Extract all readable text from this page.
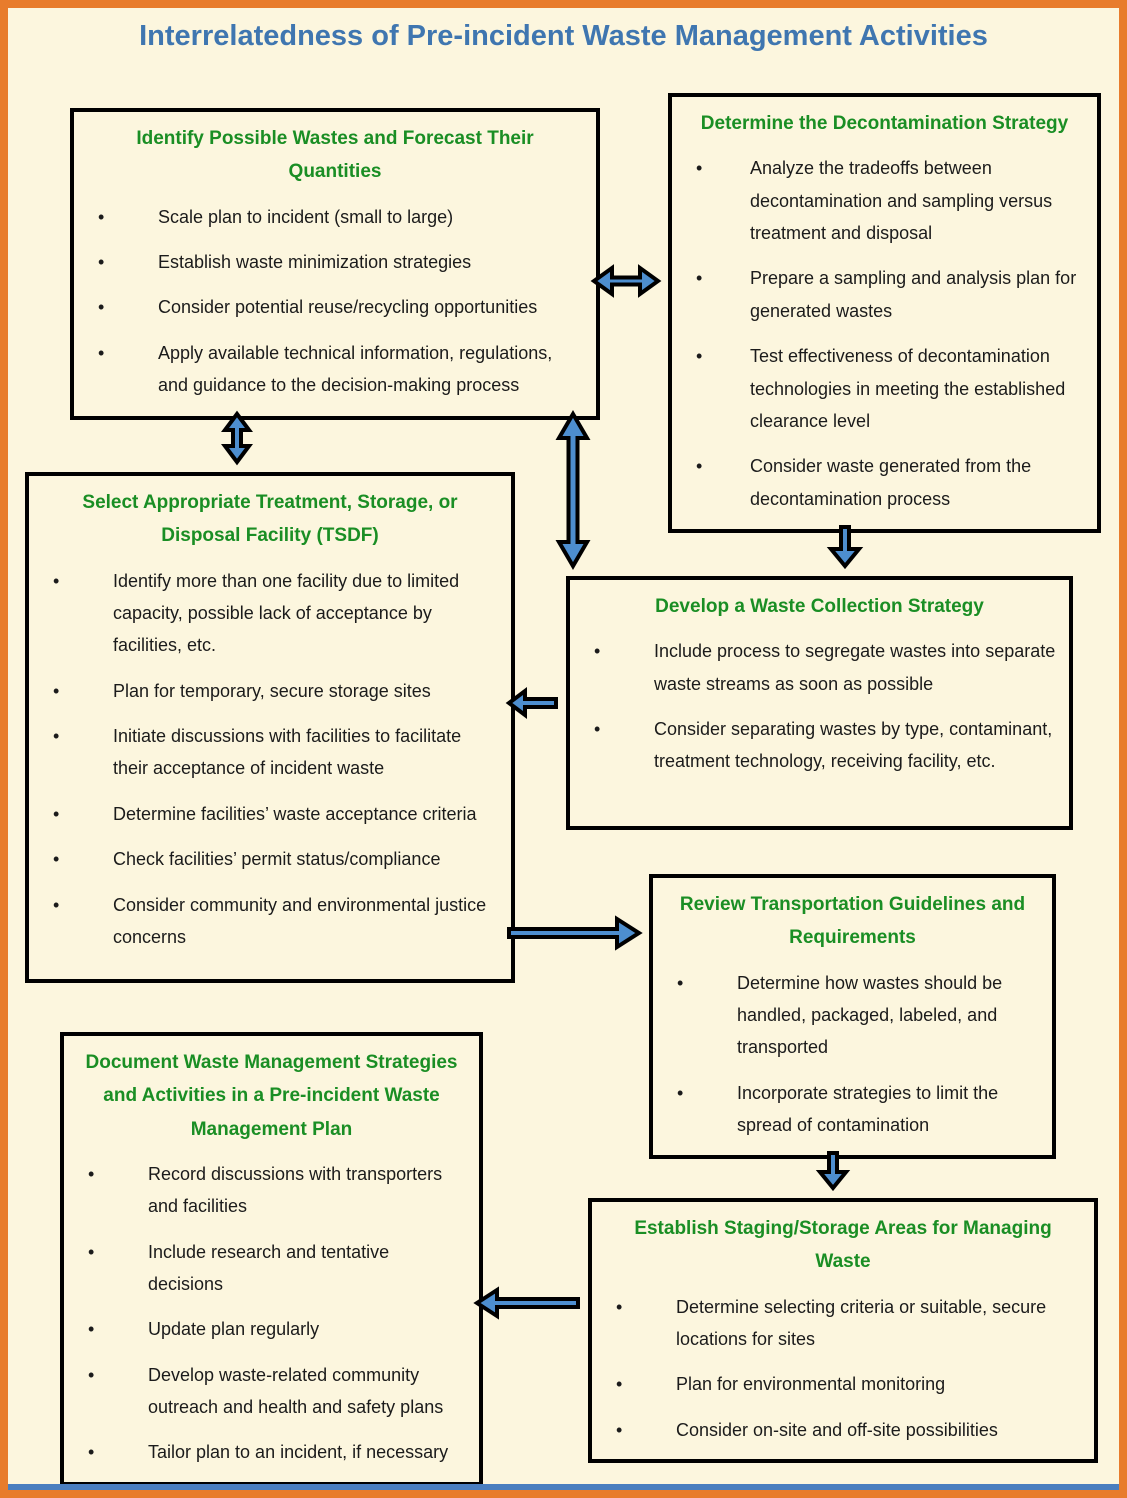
Interrelatedness of Pre-incident Waste Management Activities
Identify Possible Wastes and Forecast Their Quantities
• Scale plan to incident (small to large)
• Establish waste minimization strategies
• Consider potential reuse/recycling opportunities
• Apply available technical information, regulations, and guidance to the decision-making process
Determine the Decontamination Strategy
• Analyze the tradeoffs between decontamination and sampling versus treatment and disposal
• Prepare a sampling and analysis plan for generated wastes
• Test effectiveness of decontamination technologies in meeting the established clearance level
• Consider waste generated from the decontamination process
Select Appropriate Treatment, Storage, or Disposal Facility (TSDF)
• Identify more than one facility due to limited capacity, possible lack of acceptance by facilities, etc.
• Plan for temporary, secure storage sites
• Initiate discussions with facilities to facilitate their acceptance of incident waste
• Determine facilities’ waste acceptance criteria
• Check facilities’ permit status/compliance
• Consider community and environmental justice concerns
Develop a Waste Collection Strategy
• Include process to segregate wastes into separate waste streams as soon as possible
• Consider separating wastes by type, contaminant, treatment technology, receiving facility, etc.
Review Transportation Guidelines and Requirements
• Determine how wastes should be handled, packaged, labeled, and transported
• Incorporate strategies to limit the spread of contamination
Document Waste Management Strategies and Activities in a Pre-incident Waste Management Plan
• Record discussions with transporters and facilities
• Include research and tentative decisions
• Update plan regularly
• Develop waste-related community outreach and health and safety plans
• Tailor plan to an incident, if necessary
Establish Staging/Storage Areas for Managing Waste
• Determine selecting criteria or suitable, secure locations for sites
• Plan for environmental monitoring
• Consider on-site and off-site possibilities
